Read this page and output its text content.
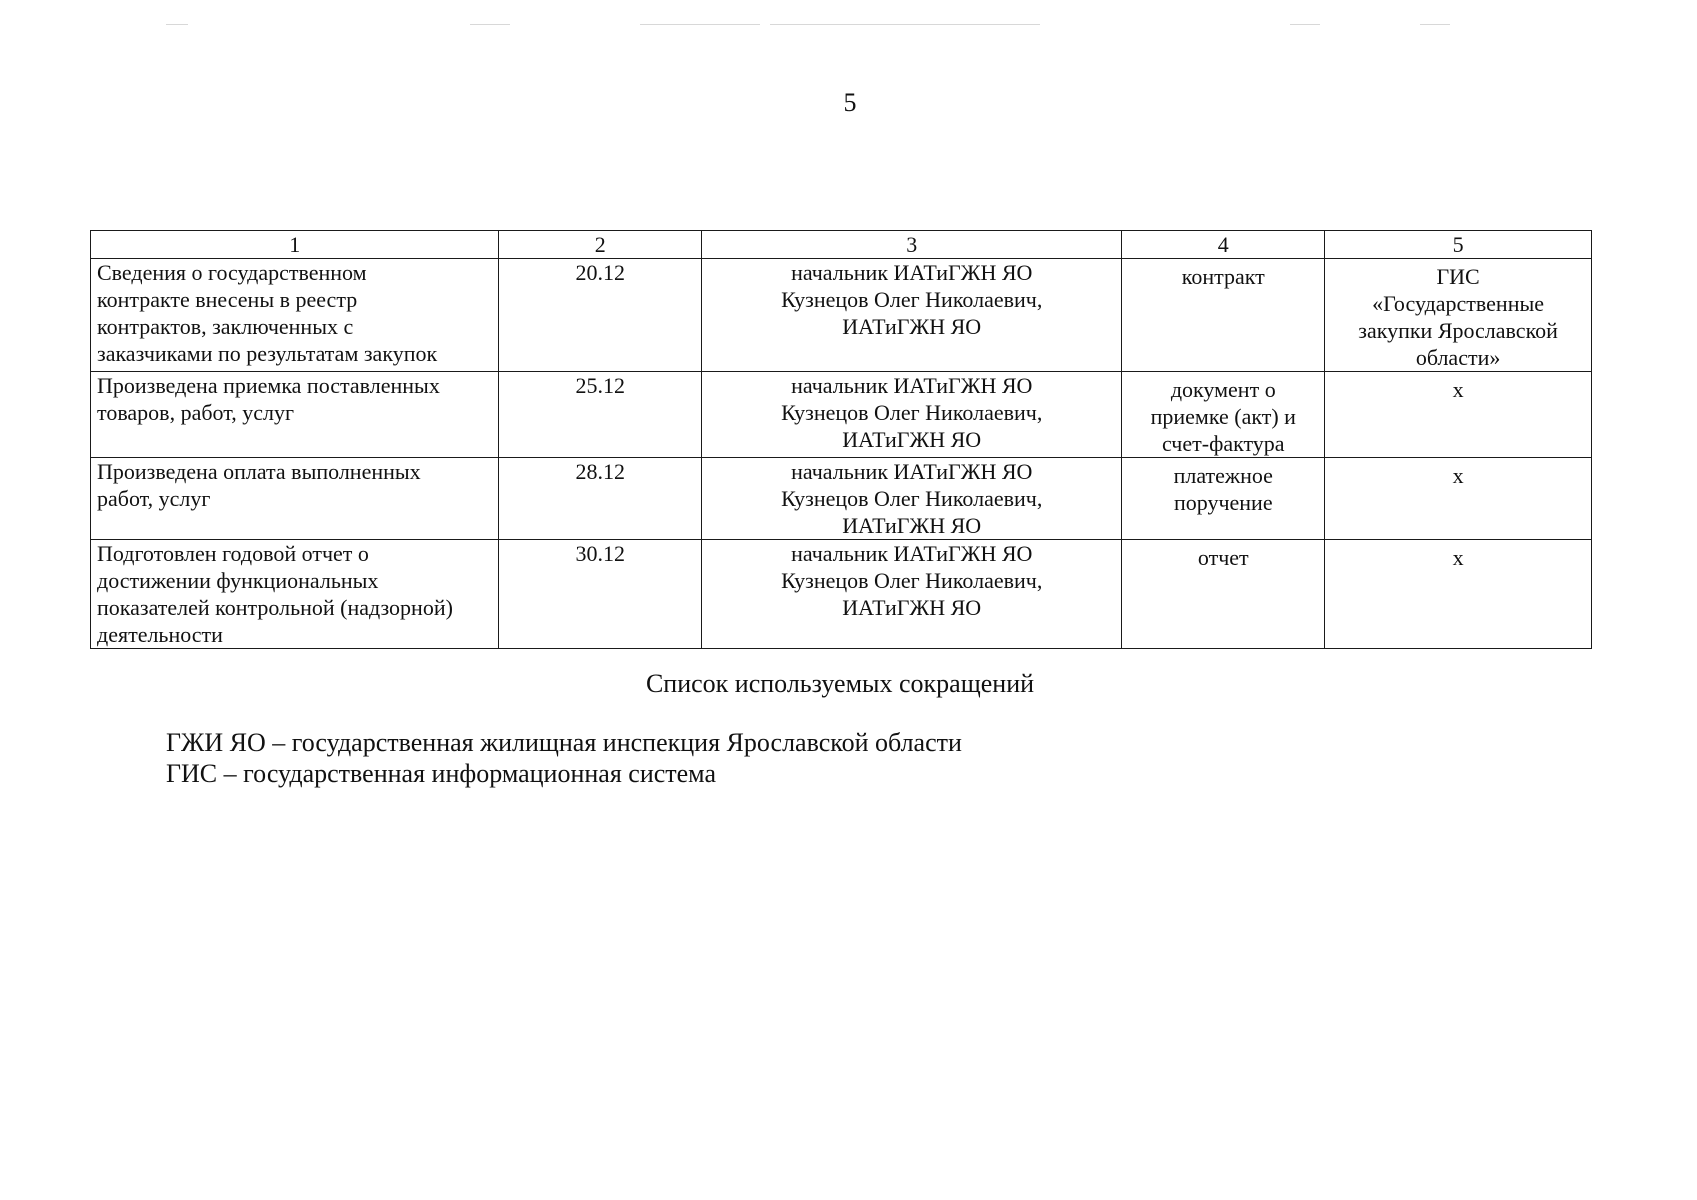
5
1	2	3	4	5

Сведения о государственном
контракте внесены в реестр
контрактов, заключенных с
заказчиками по результатам закупок	20.12	начальник ИАТиГЖН ЯО
Кузнецов Олег Николаевич,
ИАТиГЖН ЯО	контракт	ГИС
«Государственные
закупки Ярославской
области»

Произведена приемка поставленных
товаров, работ, услуг	25.12	начальник ИАТиГЖН ЯО
Кузнецов Олег Николаевич,
ИАТиГЖН ЯО	документ о
приемке (акт) и
счет-фактура	х

Произведена оплата выполненных
работ, услуг	28.12	начальник ИАТиГЖН ЯО
Кузнецов Олег Николаевич,
ИАТиГЖН ЯО	платежное
поручение	х

Подготовлен годовой отчет о
достижении функциональных
показателей контрольной (надзорной)
деятельности	30.12	начальник ИАТиГЖН ЯО
Кузнецов Олег Николаевич,
ИАТиГЖН ЯО	отчет	х
Список используемых сокращений
ГЖИ ЯО – государственная жилищная инспекция Ярославской области
ГИС – государственная информационная система
